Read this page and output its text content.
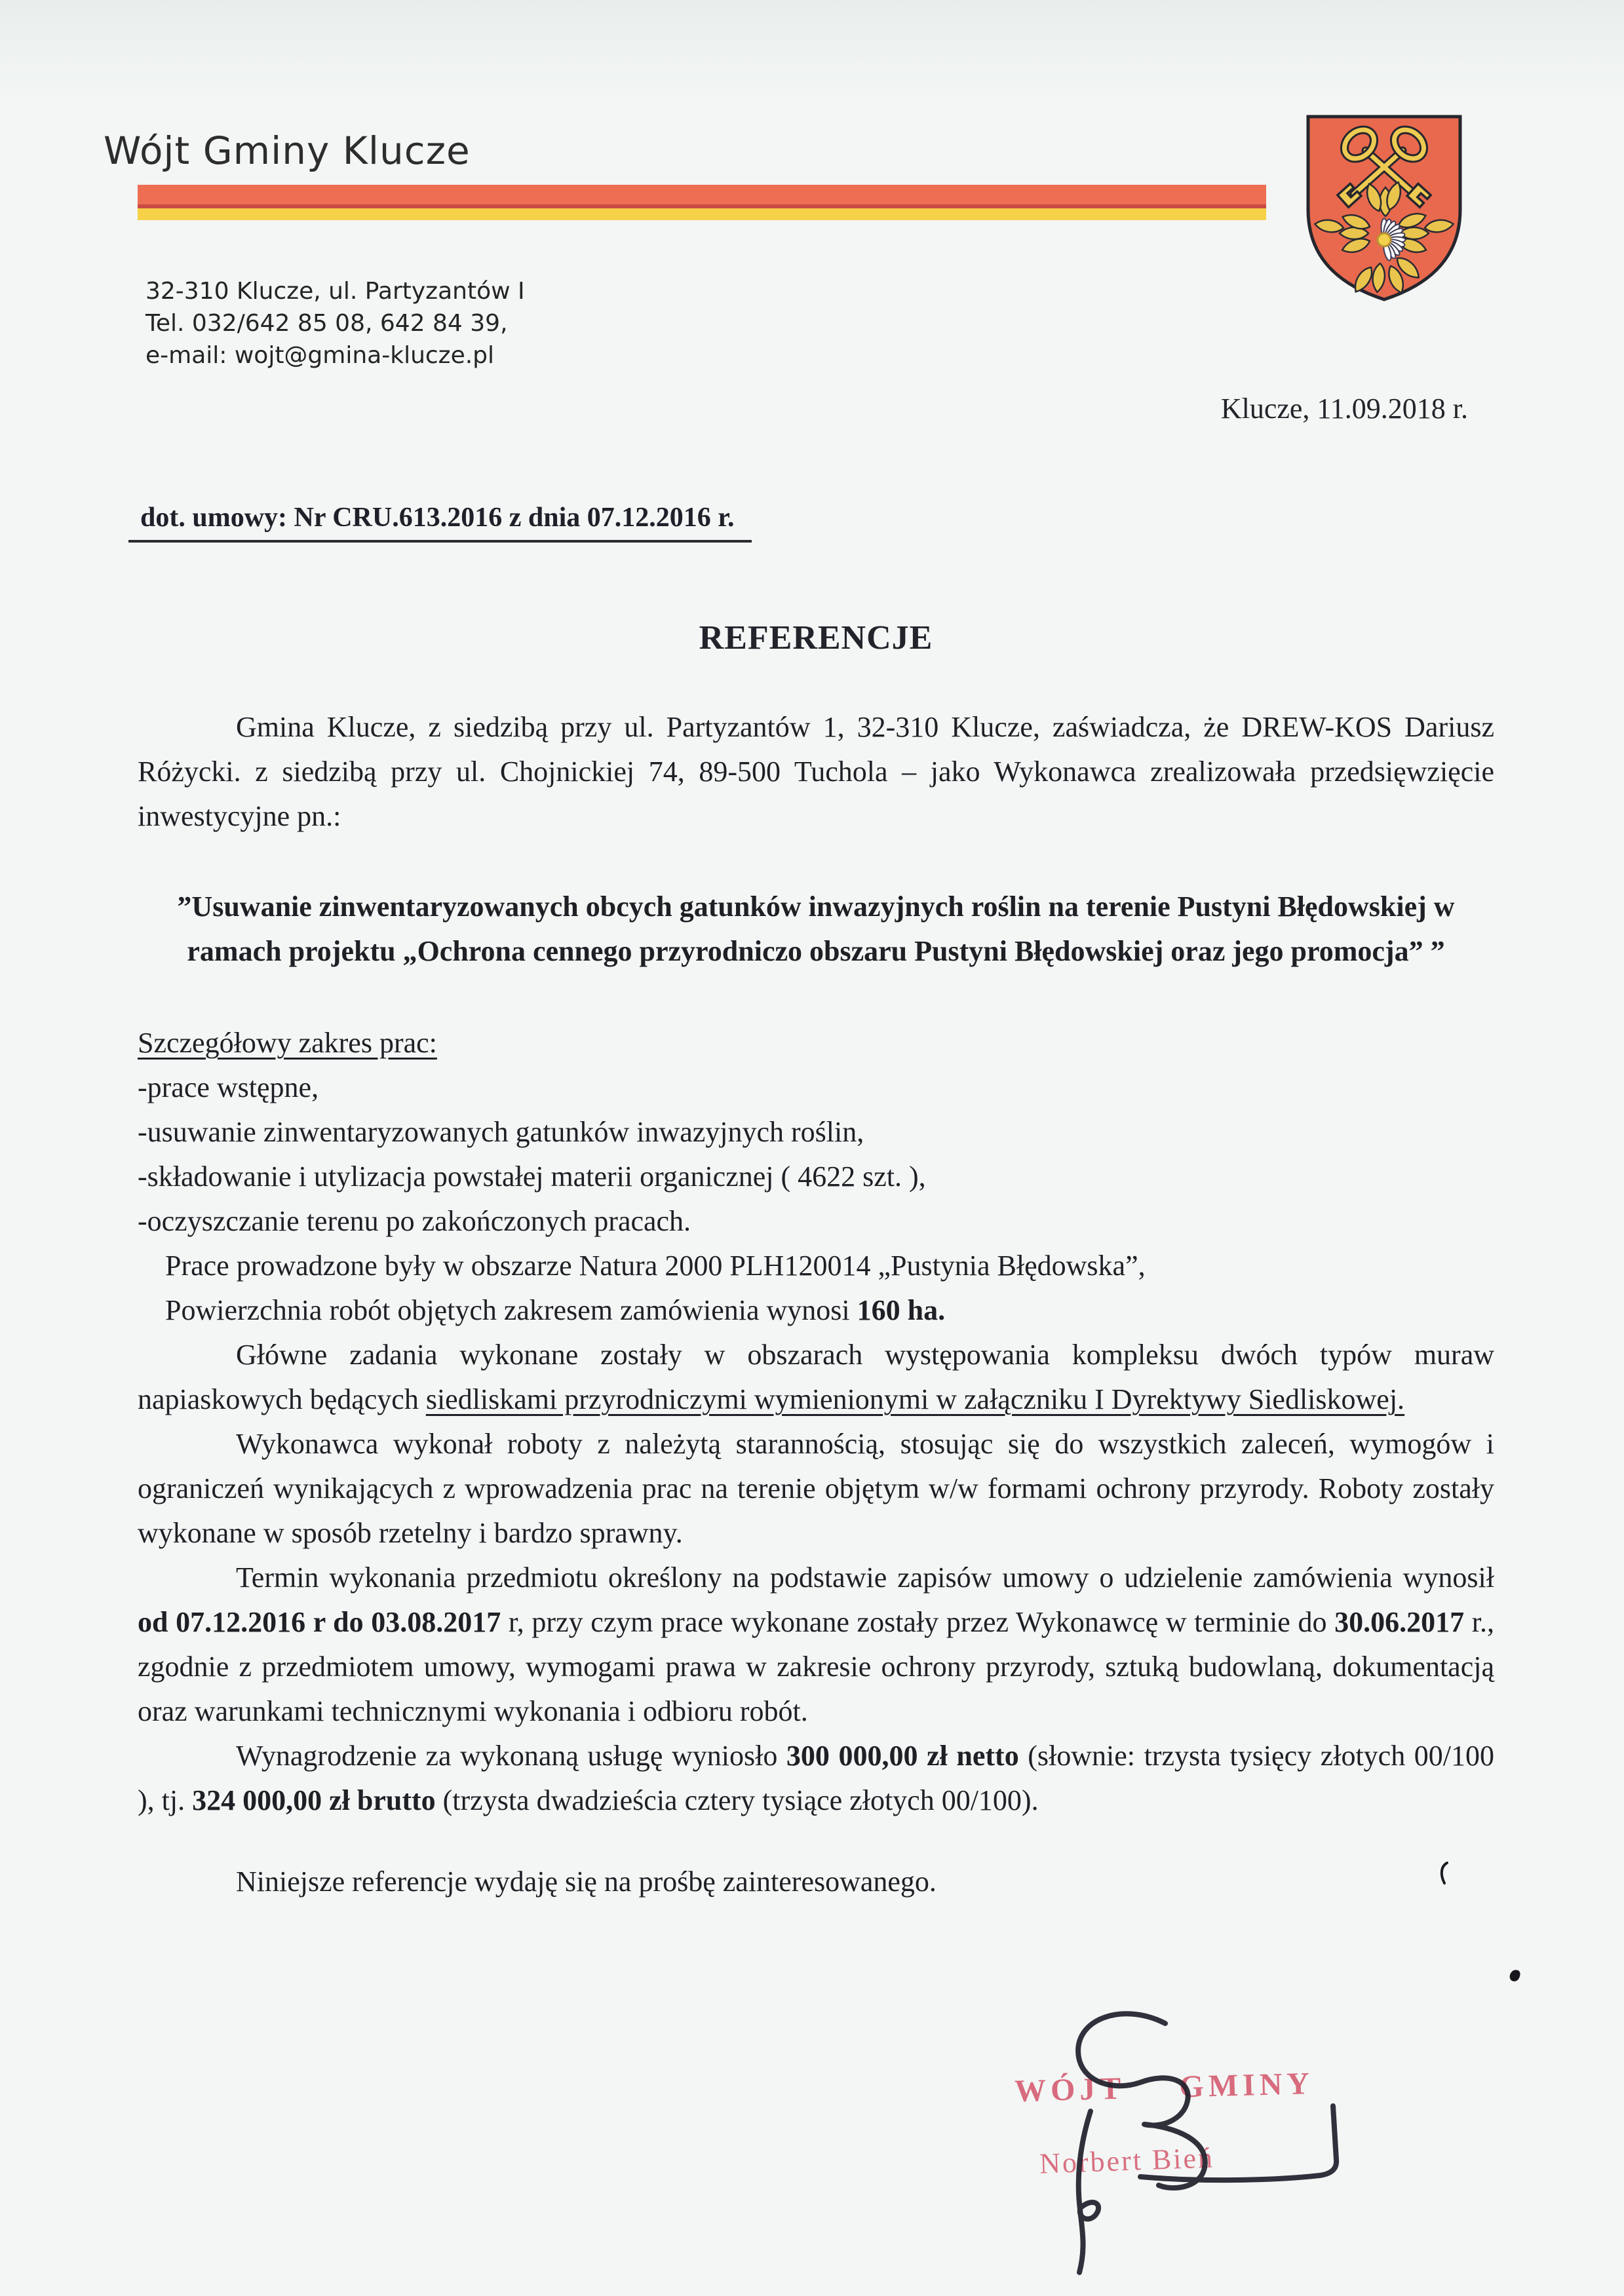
Wójt Gminy Klucze
32-310 Klucze, ul. Partyzantów I
Tel. 032/642 85 08, 642 84 39,
e-mail: wojt@gmina-klucze.pl
Klucze, 11.09.2018 r.
dot. umowy: Nr CRU.613.2016 z dnia 07.12.2016 r.
REFERENCJE
Gmina Klucze, z siedzibą przy ul. Partyzantów 1, 32-310 Klucze, zaświadcza, że DREW-KOS Dariusz Różycki. z siedzibą przy ul. Chojnickiej 74, 89-500 Tuchola – jako Wykonawca zrealizowała przedsięwzięcie inwestycyjne pn.:
”Usuwanie zinwentaryzowanych obcych gatunków inwazyjnych roślin na terenie Pustyni Błędowskiej w ramach projektu „Ochrona cennego przyrodniczo obszaru Pustyni Błędowskiej oraz jego promocja” ”
Szczegółowy zakres prac:
-prace wstępne,
-usuwanie zinwentaryzowanych gatunków inwazyjnych roślin,
-składowanie i utylizacja powstałej materii organicznej ( 4622 szt. ),
-oczyszczanie terenu po zakończonych pracach.
Prace prowadzone były w obszarze Natura 2000 PLH120014 „Pustynia Błędowska”,
Powierzchnia robót objętych zakresem zamówienia wynosi 160 ha.
Główne zadania wykonane zostały w obszarach występowania kompleksu dwóch typów muraw napiaskowych będących siedliskami przyrodniczymi wymienionymi w załączniku I Dyrektywy Siedliskowej.
Wykonawca wykonał roboty z należytą starannością, stosując się do wszystkich zaleceń, wymogów i ograniczeń wynikających z wprowadzenia prac na terenie objętym w/w formami ochrony przyrody. Roboty zostały wykonane w sposób rzetelny i bardzo sprawny.
Termin wykonania przedmiotu określony na podstawie zapisów umowy o udzielenie zamówienia wynosił od 07.12.2016 r do 03.08.2017 r, przy czym prace wykonane zostały przez Wykonawcę w terminie do 30.06.2017 r., zgodnie z przedmiotem umowy, wymogami prawa w zakresie ochrony przyrody, sztuką budowlaną, dokumentacją oraz warunkami technicznymi wykonania i odbioru robót.
Wynagrodzenie za wykonaną usługę wyniosło 300 000,00 zł netto (słownie: trzysta tysięcy złotych 00/100 ), tj. 324 000,00 zł brutto (trzysta dwadzieścia cztery tysiące złotych 00/100).
Niniejsze referencje wydaję się na prośbę zainteresowanego.
WÓJT GMINY
Norbert Bień
